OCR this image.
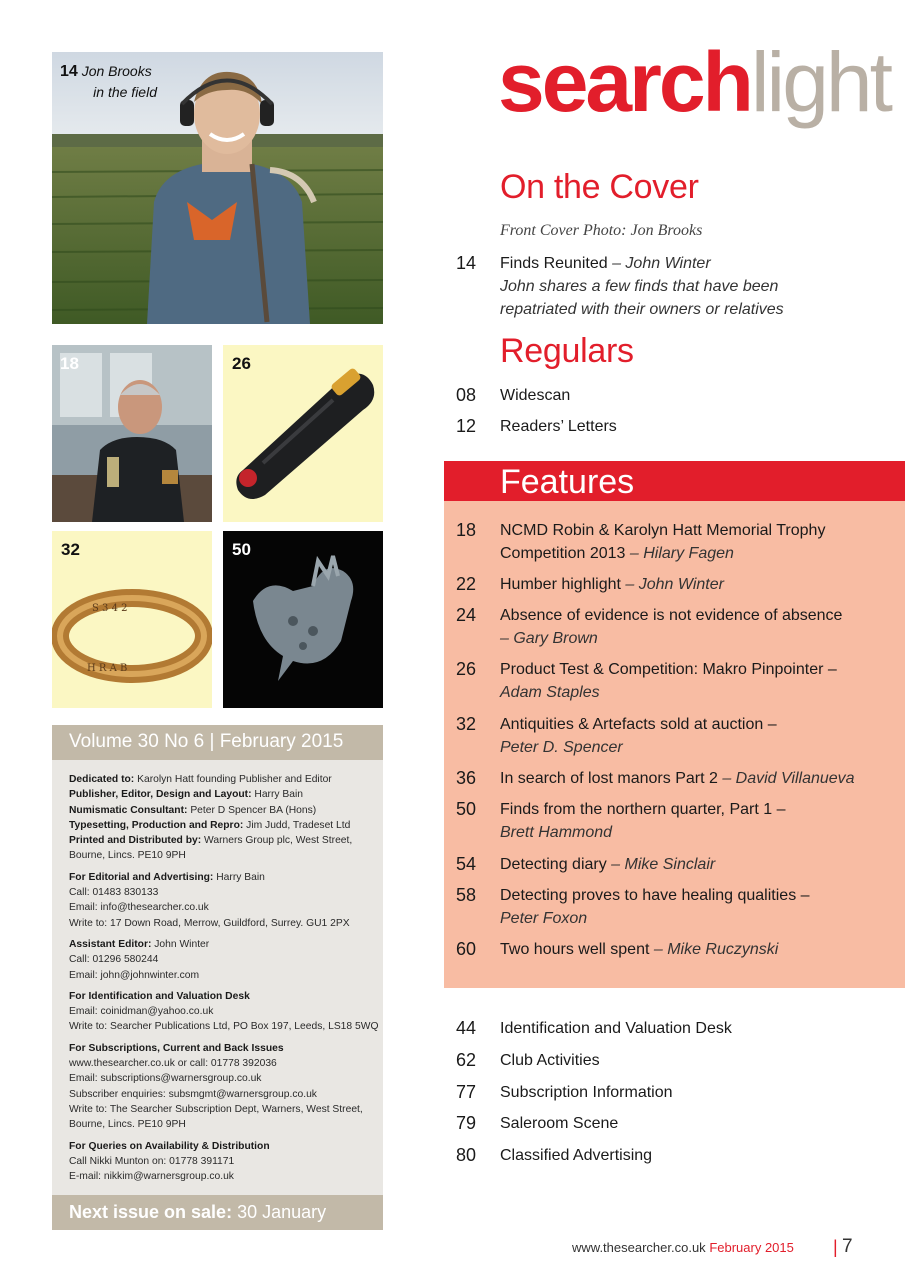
14 Jon Brooks
in the field
18	26
S 3 4 2
H R A B
32	50
Volume 30 No 6 | February 2015
Dedicated to: Karolyn Hatt founding Publisher and Editor
Publisher, Editor, Design and Layout: Harry Bain
Numismatic Consultant: Peter D Spencer BA (Hons)
Typesetting, Production and Repro: Jim Judd, Tradeset Ltd
Printed and Distributed by: Warners Group plc, West Street,
Bourne, Lincs. PE10 9PH
For Editorial and Advertising: Harry Bain
Call: 01483 830133
Email: info@thesearcher.co.uk
Write to: 17 Down Road, Merrow, Guildford, Surrey. GU1 2PX
Assistant Editor: John Winter
Call: 01296 580244
Email: john@johnwinter.com
For Identification and Valuation Desk
Email: coinidman@yahoo.co.uk
Write to: Searcher Publications Ltd, PO Box 197, Leeds, LS18 5WQ
For Subscriptions, Current and Back Issues
www.thesearcher.co.uk or call: 01778 392036
Email: subscriptions@warnersgroup.co.uk
Subscriber enquiries: subsmgmt@warnersgroup.co.uk
Write to: The Searcher Subscription Dept, Warners, West Street,
Bourne, Lincs. PE10 9PH
For Queries on Availability & Distribution
Call Nikki Munton on: 01778 391171
E-mail: nikkim@warnersgroup.co.uk
Next issue on sale: 30 January
searchlight
On the Cover
Front Cover Photo: Jon Brooks
14	Finds Reunited – John Winter
John shares a few finds that have been
repatriated with their owners or relatives
Regulars
08	Widescan
12	Readers’ Letters
Features
18	NCMD Robin & Karolyn Hatt Memorial Trophy
Competition 2013 – Hilary Fagen
22	Humber highlight – John Winter
24	Absence of evidence is not evidence of absence
– Gary Brown
26	Product Test & Competition: Makro Pinpointer –
Adam Staples
32	Antiquities & Artefacts sold at auction –
Peter D. Spencer
36	In search of lost manors Part 2 – David Villanueva
50	Finds from the northern quarter, Part 1 –
Brett Hammond
54	Detecting diary – Mike Sinclair
58	Detecting proves to have healing qualities –
Peter Foxon
60	Two hours well spent – Mike Ruczynski
44	Identification and Valuation Desk
62	Club Activities
77	Subscription Information
79	Saleroom Scene
80	Classified Advertising
www.thesearcher.co.uk February 2015 | 7
